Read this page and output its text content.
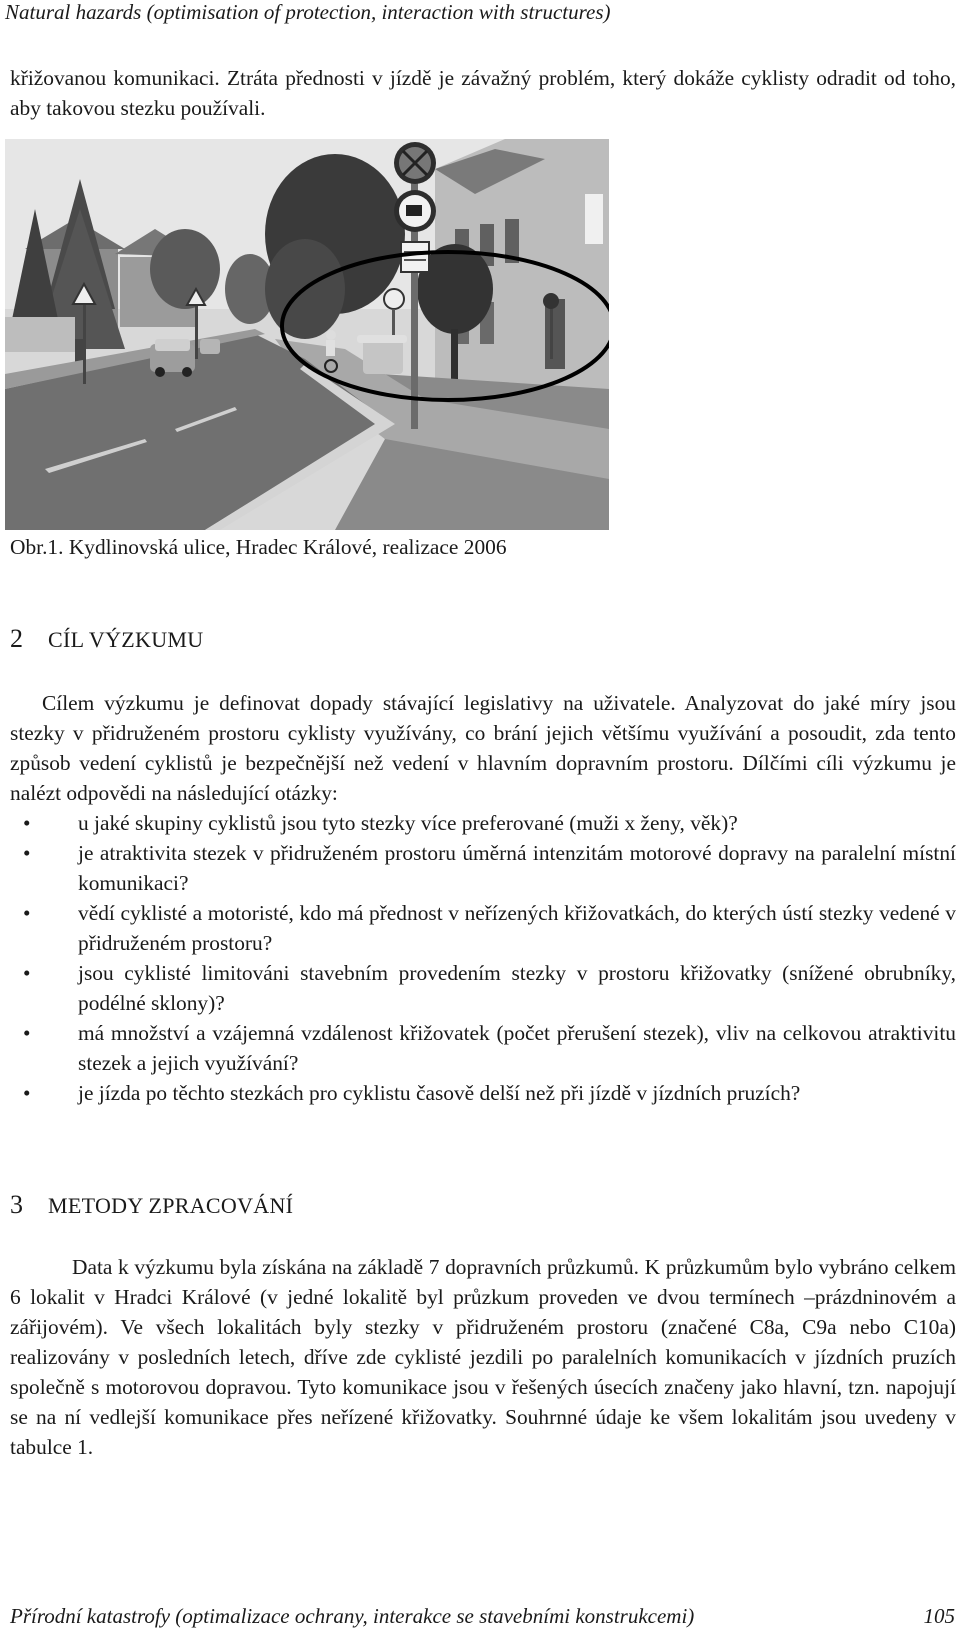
Natural hazards (optimisation of protection, interaction with structures)

křižovanou komunikaci. Ztráta přednosti v jízdě je závažný problém, který dokáže cyklisty odradit od toho, aby takovou stezku používali.

Obr.1. Kydlinovská ulice, Hradec Králové, realizace 2006
2 CÍL VÝZKUMU

Cílem výzkumu je definovat dopady stávající legislativy na uživatele. Analyzovat do jaké míry jsou stezky v přidruženém prostoru cyklisty využívány, co brání jejich většímu využívání a posoudit, zda tento způsob vedení cyklistů je bezpečnější než vedení v hlavním dopravním prostoru. Dílčími cíli výzkumu je nalézt odpovědi na následující otázky:

• u jaké skupiny cyklistů jsou tyto stezky více preferované (muži x ženy, věk)?
• je atraktivita stezek v přidruženém prostoru úměrná intenzitám motorové dopravy na paralelní místní komunikaci?
• vědí cyklisté a motoristé, kdo má přednost v neřízených křižovatkách, do kterých ústí stezky vedené v přidruženém prostoru?
• jsou cyklisté limitováni stavebním provedením stezky v prostoru křižovatky (snížené obrubníky, podélné sklony)?
• má množství a vzájemná vzdálenost křižovatek (počet přerušení stezek), vliv na celkovou atraktivitu stezek a jejich využívání?
• je jízda po těchto stezkách pro cyklistu časově delší než při jízdě v jízdních pruzích?
3 METODY ZPRACOVÁNÍ

Data k výzkumu byla získána na základě 7 dopravních průzkumů. K průzkumům bylo vybráno celkem 6 lokalit v Hradci Králové (v jedné lokalitě byl průzkum proveden ve dvou termínech –prázdninovém a zářijovém). Ve všech lokalitách byly stezky v přidruženém prostoru (značené C8a, C9a nebo C10a) realizovány v posledních letech, dříve zde cyklisté jezdili po paralelních komunikacích v jízdních pruzích společně s motorovou dopravou. Tyto komunikace jsou v řešených úsecích značeny jako hlavní, tzn. napojují se na ní vedlejší komunikace přes neřízené křižovatky. Souhrnné údaje ke všem lokalitám jsou uvedeny v tabulce 1.

Přírodní katastrofy (optimalizace ochrany, interakce se stavebními konstrukcemi)	105
